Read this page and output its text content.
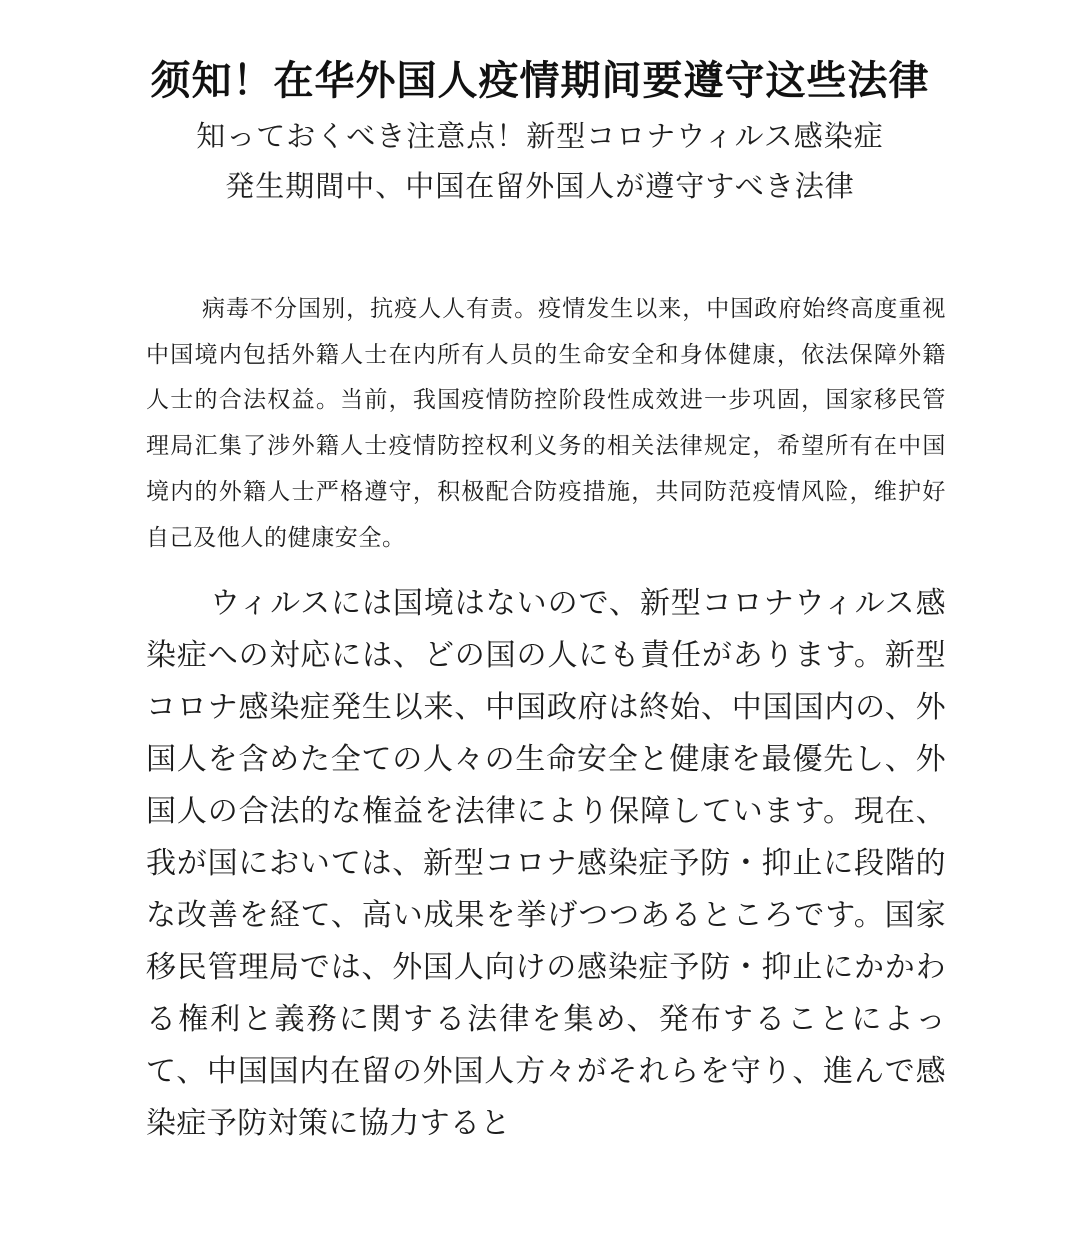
须知！在华外国人疫情期间要遵守这些法律
知っておくべき注意点！新型コロナウィルス感染症
発生期間中、中国在留外国人が遵守すべき法律

病毒不分国别，抗疫人人有责。疫情发生以来，中国政府始终高度重视中国境内包括外籍人士在内所有人员的生命安全和身体健康，依法保障外籍人士的合法权益。当前，我国疫情防控阶段性成效进一步巩固，国家移民管理局汇集了涉外籍人士疫情防控权利义务的相关法律规定，希望所有在中国境内的外籍人士严格遵守，积极配合防疫措施，共同防范疫情风险，维护好自己及他人的健康安全。

ウィルスには国境はないので、新型コロナウィルス感染症への対応には、どの国の人にも責任があります。新型コロナ感染症発生以来、中国政府は終始、中国国内の、外国人を含めた全ての人々の生命安全と健康を最優先し、外国人の合法的な権益を法律により保障しています。現在、我が国においては、新型コロナ感染症予防・抑止に段階的な改善を経て、高い成果を挙げつつあるところです。国家移民管理局では、外国人向けの感染症予防・抑止にかかわる権利と義務に関する法律を集め、発布することによって、中国国内在留の外国人方々がそれらを守り、進んで感染症予防対策に協力すると
